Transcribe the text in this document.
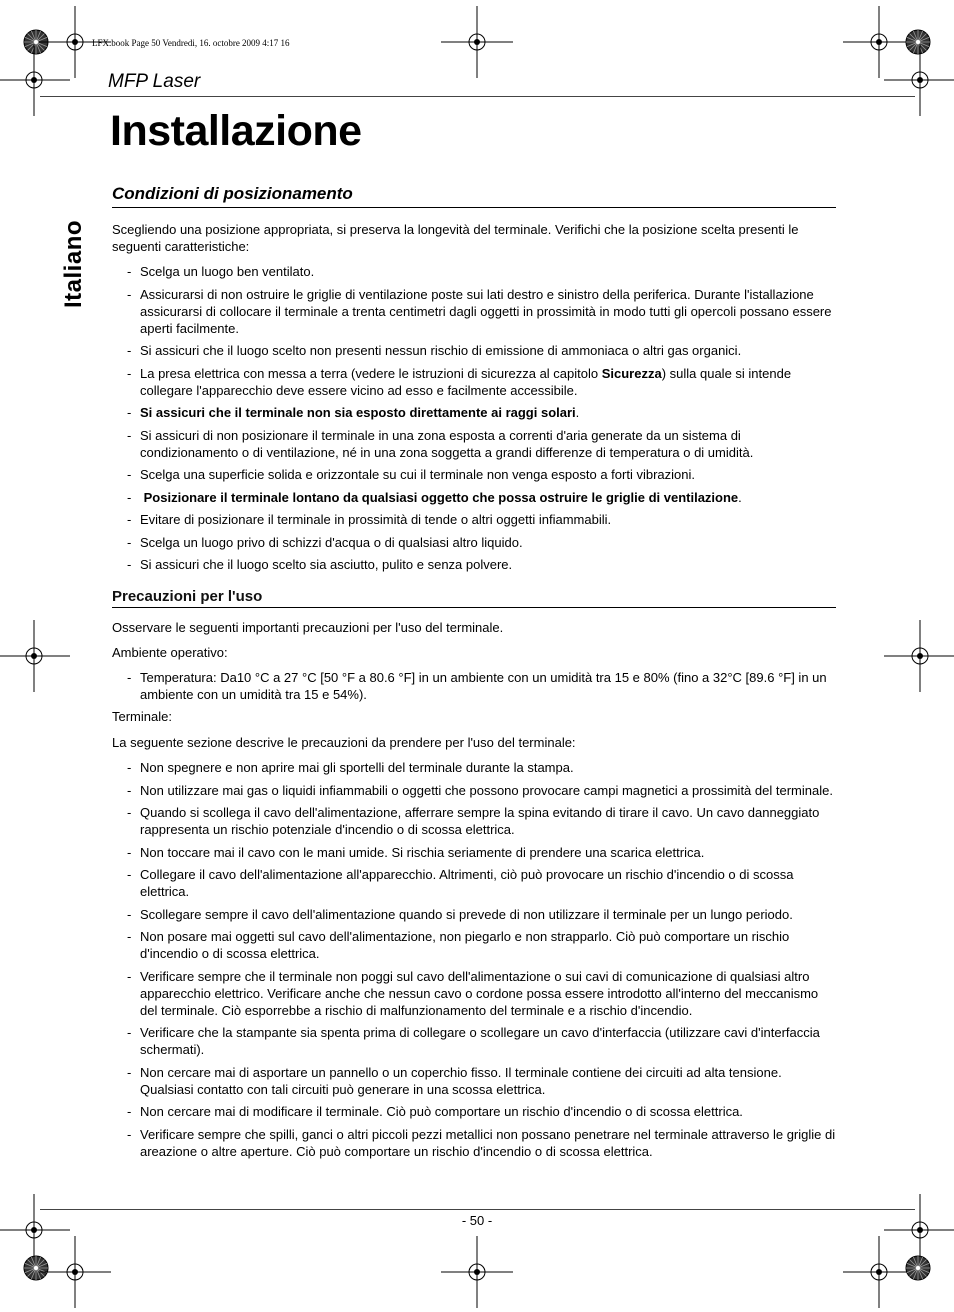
LFX.book Page 50 Vendredi, 16. octobre 2009 4:17 16
MFP Laser
Italiano
Installazione
Condizioni di posizionamento
Scegliendo una posizione appropriata, si preserva la longevità del terminale. Verifichi che la posizione scelta presenti le seguenti caratteristiche:
- Scelga un luogo ben ventilato.
- Assicurarsi di non ostruire le griglie di ventilazione poste sui lati destro e sinistro della periferica. Durante l'istallazione assicurarsi di collocare il terminale a trenta centimetri dagli oggetti in prossimità in modo tutti gli opercoli possano essere aperti facilmente.
- Si assicuri che il luogo scelto non presenti nessun rischio di emissione di ammoniaca o altri gas organici.
- La presa elettrica con messa a terra (vedere le istruzioni di sicurezza al capitolo Sicurezza) sulla quale si intende collegare l'apparecchio deve essere vicino ad esso e facilmente accessibile.
- Si assicuri che il terminale non sia esposto direttamente ai raggi solari.
- Si assicuri di non posizionare il terminale in una zona esposta a correnti d'aria generate da un sistema di condizionamento o di ventilazione, né in una zona soggetta a grandi differenze di temperatura o di umidità.
- Scelga una superficie solida e orizzontale su cui il terminale non venga esposto a forti vibrazioni.
- Posizionare il terminale lontano da qualsiasi oggetto che possa ostruire le griglie di ventilazione.
- Evitare di posizionare il terminale in prossimità di tende o altri oggetti infiammabili.
- Scelga un luogo privo di schizzi d'acqua o di qualsiasi altro liquido.
- Si assicuri che il luogo scelto sia asciutto, pulito e senza polvere.
Precauzioni per l'uso
Osservare le seguenti importanti precauzioni per l'uso del terminale.
Ambiente operativo:
- Temperatura: Da10 °C a 27 °C [50 °F a 80.6 °F] in un ambiente con un umidità tra 15 e 80% (fino a 32°C [89.6 °F] in un ambiente con un umidità tra 15 e 54%).
Terminale:
La seguente sezione descrive le precauzioni da prendere per l'uso del terminale:
- Non spegnere e non aprire mai gli sportelli del terminale durante la stampa.
- Non utilizzare mai gas o liquidi infiammabili o oggetti che possono provocare campi magnetici a prossimità del terminale.
- Quando si scollega il cavo dell'alimentazione, afferrare sempre la spina evitando di tirare il cavo. Un cavo danneggiato rappresenta un rischio potenziale d'incendio o di scossa elettrica.
- Non toccare mai il cavo con le mani umide. Si rischia seriamente di prendere una scarica elettrica.
- Collegare il cavo dell'alimentazione all'apparecchio. Altrimenti, ciò può provocare un rischio d'incendio o di scossa elettrica.
- Scollegare sempre il cavo dell'alimentazione quando si prevede di non utilizzare il terminale per un lungo periodo.
- Non posare mai oggetti sul cavo dell'alimentazione, non piegarlo e non strapparlo. Ciò può comportare un rischio d'incendio o di scossa elettrica.
- Verificare sempre che il terminale non poggi sul cavo dell'alimentazione o sui cavi di comunicazione di qualsiasi altro apparecchio elettrico. Verificare anche che nessun cavo o cordone possa essere introdotto all'interno del meccanismo del terminale. Ciò esporrebbe a rischio di malfunzionamento del terminale e a rischio d'incendio.
- Verificare che la stampante sia spenta prima di collegare o scollegare un cavo d'interfaccia (utilizzare cavi d'interfaccia schermati).
- Non cercare mai di asportare un pannello o un coperchio fisso. Il terminale contiene dei circuiti ad alta tensione. Qualsiasi contatto con tali circuiti può generare in una scossa elettrica.
- Non cercare mai di modificare il terminale. Ciò può comportare un rischio d'incendio o di scossa elettrica.
- Verificare sempre che spilli, ganci o altri piccoli pezzi metallici non possano penetrare nel terminale attraverso le griglie di areazione o altre aperture. Ciò può comportare un rischio d'incendio o di scossa elettrica.
- 50 -
